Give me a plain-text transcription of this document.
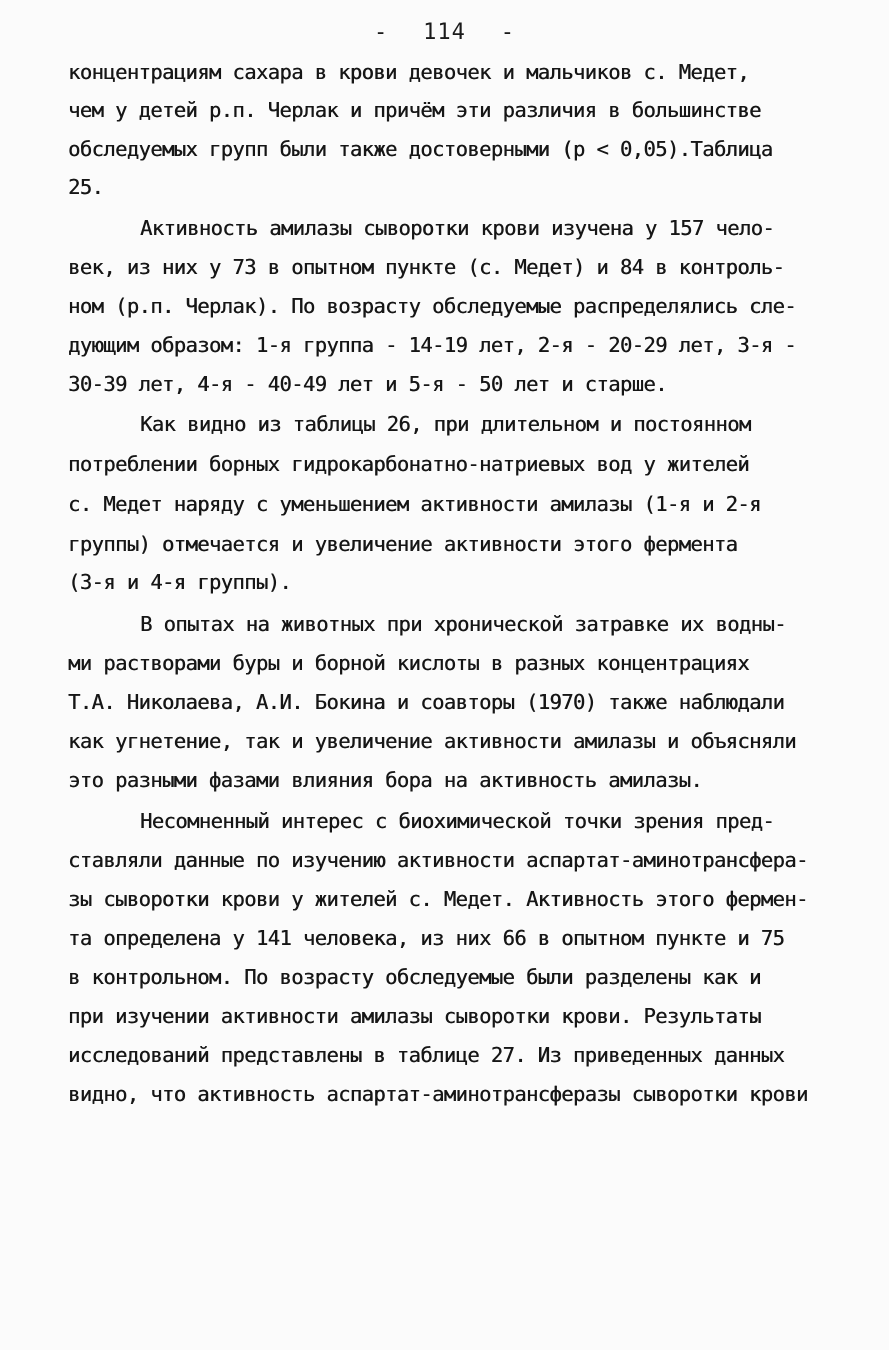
- 114 -
концентрациям сахара в крови девочек и мальчиков с. Медет,
чем у детей р.п. Черлак и причём эти различия в большинстве
обследуемых групп были также достоверными (р < 0,05).Таблица
25.
Активность амилазы сыворотки крови изучена у 157 чело-
век, из них у 73 в опытном пункте (с. Медет) и 84 в контроль-
ном (р.п. Черлак). По возрасту обследуемые распределялись сле-
дующим образом: 1-я группа - 14-19 лет, 2-я - 20-29 лет, 3-я -
30-39 лет, 4-я - 40-49 лет и 5-я - 50 лет и старше.
Как видно из таблицы 26, при длительном и постоянном
потреблении борных гидрокарбонатно-натриевых вод у жителей
с. Медет наряду с уменьшением активности амилазы (1-я и 2-я
группы) отмечается и увеличение активности этого фермента
(3-я и 4-я группы).
В опытах на животных при хронической затравке их водны-
ми растворами буры и борной кислоты в разных концентрациях
Т.А. Николаева, А.И. Бокина и соавторы (1970) также наблюдали
как угнетение, так и увеличение активности амилазы и объясняли
это разными фазами влияния бора на активность амилазы.
Несомненный интерес с биохимической точки зрения пред-
ставляли данные по изучению активности аспартат-аминотрансфера-
зы сыворотки крови у жителей с. Медет. Активность этого фермен-
та определена у 141 человека, из них 66 в опытном пункте и 75
в контрольном. По возрасту обследуемые были разделены как и
при изучении активности амилазы сыворотки крови. Результаты
исследований представлены в таблице 27. Из приведенных данных
видно, что активность аспартат-аминотрансферазы сыворотки крови
